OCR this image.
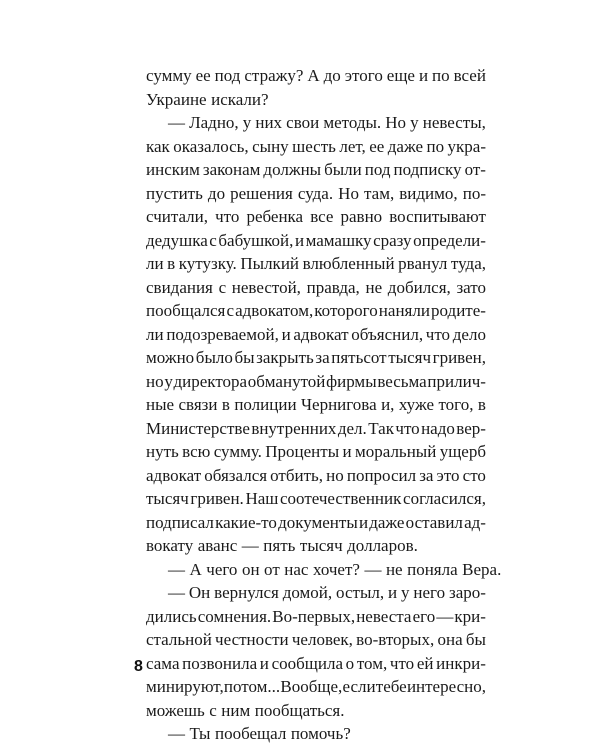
сумму ее под стражу? А до этого еще и по всей
Украине искали?
— Ладно, у них свои методы. Но у невесты,
как оказалось, сыну шесть лет, ее даже по укра-
инским законам должны были под подписку от-
пустить до решения суда. Но там, видимо, по-
считали, что ребенка все равно воспитывают
дедушка с бабушкой, и мамашку сразу определи-
ли в кутузку. Пылкий влюбленный рванул туда,
свидания с невестой, правда, не добился, зато
пообщался с адвокатом, которого наняли родите-
ли подозреваемой, и адвокат объяснил, что дело
можно было бы закрыть за пятьсот тысяч гривен,
но у директора обманутой фирмы весьма прилич-
ные связи в полиции Чернигова и, хуже того, в
Министерстве внутренних дел. Так что надо вер-
нуть всю сумму. Проценты и моральный ущерб
адвокат обязался отбить, но попросил за это сто
тысяч гривен. Наш соотечественник согласился,
подписал какие-то документы и даже оставил ад-
вокату аванс — пять тысяч долларов.
— А чего он от нас хочет? — не поняла Вера.
— Он вернулся домой, остыл, и у него заро-
дились сомнения. Во-первых, невеста его — кри-
стальной честности человек, во-вторых, она бы
сама позвонила и сообщила о том, что ей инкри-
минируют, потом... Вообще, если тебе интересно,
можешь с ним пообщаться.
— Ты пообещал помочь?
8
